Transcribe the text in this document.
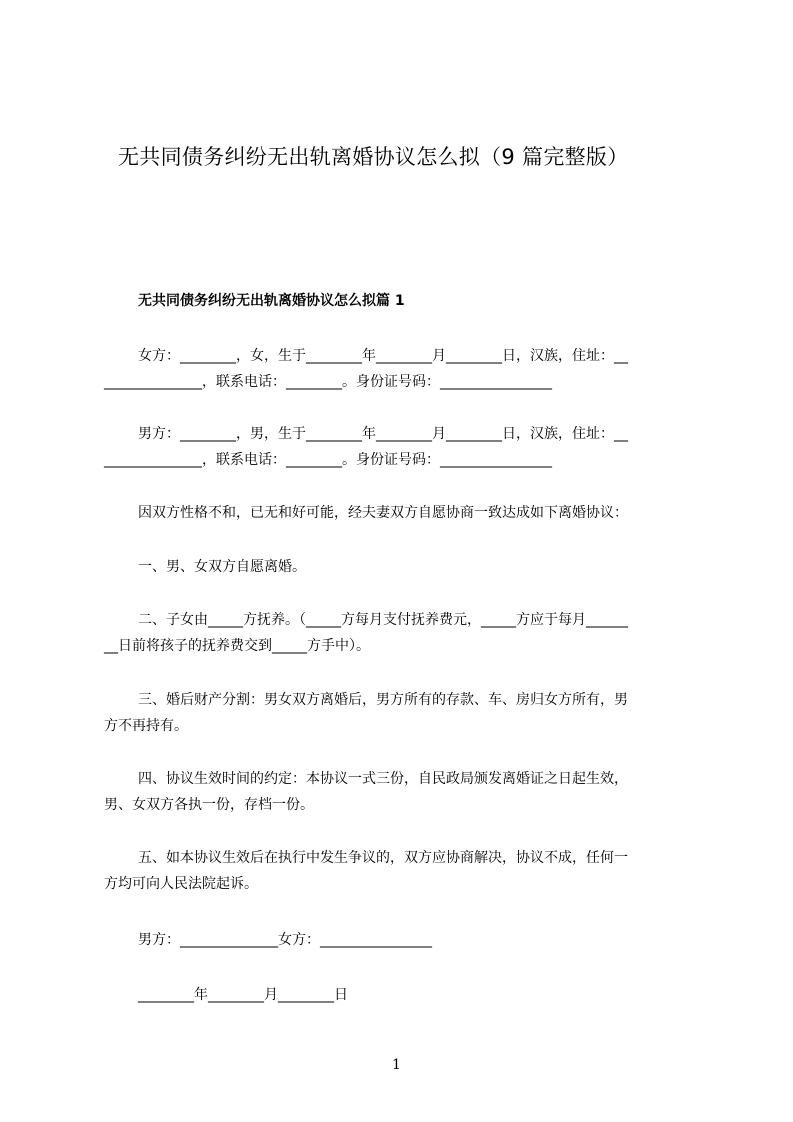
无共同债务纠纷无出轨离婚协议怎么拟（9 篇完整版）
无共同债务纠纷无出轨离婚协议怎么拟篇 1
女方：________，女，生于________年________月________日，汉族，住址：__
______________，联系电话：________。身份证号码：________________
男方：________，男，生于________年________月________日，汉族，住址：__
______________，联系电话：________。身份证号码：________________
因双方性格不和，已无和好可能，经夫妻双方自愿协商一致达成如下离婚协议：
一、男、女双方自愿离婚。
二、子女由_____方抚养。（_____方每月支付抚养费元，_____方应于每月______
__日前将孩子的抚养费交到_____方手中）。
三、婚后财产分割：男女双方离婚后，男方所有的存款、车、房归女方所有，男
方不再持有。
四、协议生效时间的约定：本协议一式三份，自民政局颁发离婚证之日起生效，
男、女双方各执一份，存档一份。
五、如本协议生效后在执行中发生争议的，双方应协商解决，协议不成，任何一
方均可向人民法院起诉。
男方：______________女方：________________
________年________月________日
1
